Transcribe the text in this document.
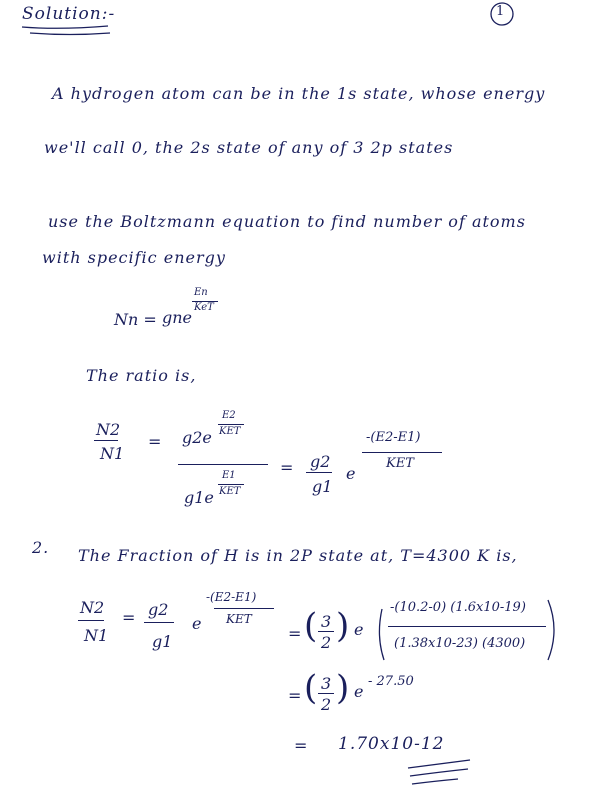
Solution:-	1
A hydrogen atom can be in the 1s state, whose energy
we'll call 0, the 2s state of any of 3 2p states
use the Boltzmann equation to find number of atoms
with specific energy
Nn = gne
En
KeT
The ratio is,
N2
N1
= g2e
E2
KET
g1e
E1
KET
= g2
g1
e
-(E2-E1)
KET
2. The Fraction of H is in 2P state at, T=4300 K is,
N2
N1
= g2
g1
e
-(E2-E1)
KET
= ( 3
2 ) e
-(10.2-0) (1.6x10-19)
(1.38x10-23) (4300)
= ( 3
2 ) e
- 27.50
= 1.70x10-12
